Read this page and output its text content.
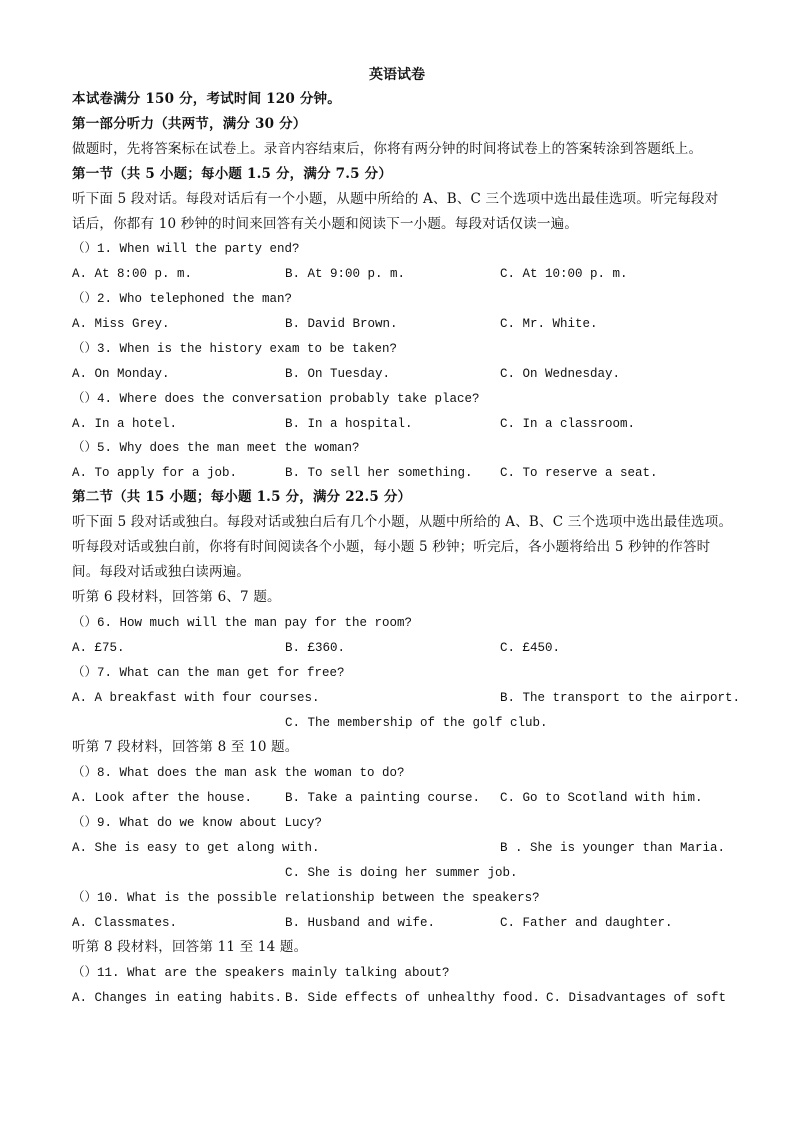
英语试卷
本试卷满分 150 分，考试时间 120 分钟。
第一部分听力（共两节，满分 30 分）
做题时，先将答案标在试卷上。录音内容结束后，你将有两分钟的时间将试卷上的答案转涂到答题纸上。
第一节（共 5 小题；每小题 1.5 分，满分 7.5 分）
听下面 5 段对话。每段对话后有一个小题，从题中所给的 A、B、C 三个选项中选出最佳选项。听完每段对
话后，你都有 10 秒钟的时间来回答有关小题和阅读下一小题。每段对话仅读一遍。
（）1. When will the party end?
A. At 8:00 p. m.	B. At 9:00 p. m.	C. At 10:00 p. m.
（）2. Who telephoned the man?
A. Miss Grey.	B. David Brown.	C. Mr. White.
（）3. When is the history exam to be taken?
A. On Monday.	B. On Tuesday.	C. On Wednesday.
（）4. Where does the conversation probably take place?
A. In a hotel.	B. In a hospital.	C. In a classroom.
（）5. Why does the man meet the woman?
A. To apply for a job.	B. To sell her something. C. To reserve a seat.
第二节（共 15 小题；每小题 1.5 分，满分 22.5 分）
听下面 5 段对话或独白。每段对话或独白后有几个小题，从题中所给的 A、B、C 三个选项中选出最佳选项。
听每段对话或独白前，你将有时间阅读各个小题，每小题 5 秒钟；听完后，各小题将给出 5 秒钟的作答时
间。每段对话或独白读两遍。
听第 6 段材料，回答第 6、7 题。
（）6. How much will the man pay for the room?
A. £75.	B. £360.	C. £450.
（）7. What can the man get for free?
A. A breakfast with four courses.	B. The transport to the airport.
C. The membership of the golf club.
听第 7 段材料，回答第 8 至 10 题。
（）8. What does the man ask the woman to do?
A. Look after the house.	B. Take a painting course. C. Go to Scotland with him.
（）9. What do we know about Lucy?
A. She is easy to get along with.	B . She is younger than Maria.
C. She is doing her summer job.
（）10. What is the possible relationship between the speakers?
A. Classmates.	B. Husband and wife.	C. Father and daughter.
听第 8 段材料，回答第 11 至 14 题。
（）11. What are the speakers mainly talking about?
A. Changes in eating habits. B. Side effects of unhealthy food. C. Disadvantages of soft
